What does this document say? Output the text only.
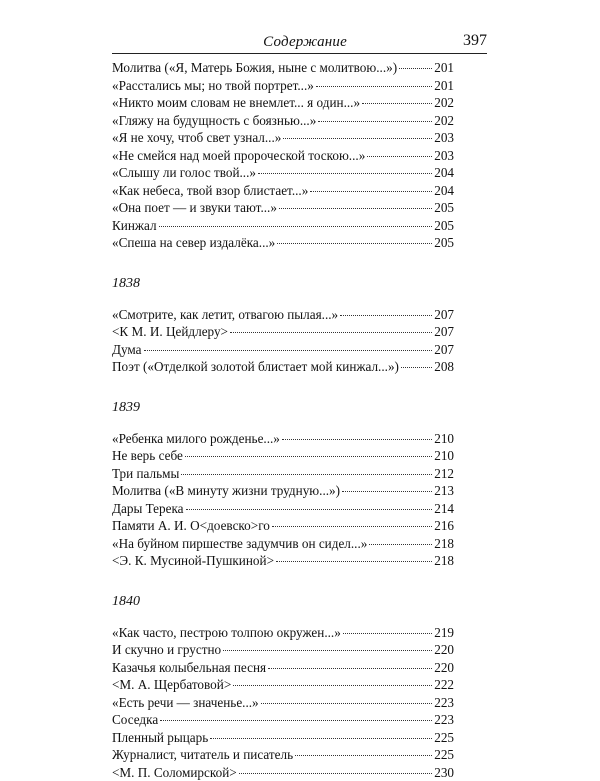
Содержание	397
Молитва («Я, Матерь Божия, ныне с молитвою...»)	201
«Расстались мы; но твой портрет...»	201
«Никто моим словам не внемлет... я один...»	202
«Гляжу на будущность с боязнью...»	202
«Я не хочу, чтоб свет узнал...»	203
«Не смейся над моей пророческой тоскою...»	203
«Слышу ли голос твой...»	204
«Как небеса, твой взор блистает...»	204
«Она поет — и звуки тают...»	205
Кинжал	205
«Спеша на север издалёка...»	205
1838
«Смотрите, как летит, отвагою пылая...»	207
<К М. И. Цейдлеру>	207
Дума	207
Поэт («Отделкой золотой блистает мой кинжал...»)	208
1839
«Ребенка милого рожденье...»	210
Не верь себе	210
Три пальмы	212
Молитва («В минуту жизни трудную...»)	213
Дары Терека	214
Памяти А. И. О<доевско>го	216
«На буйном пиршестве задумчив он сидел...»	218
<Э. К. Мусиной-Пушкиной>	218
1840
«Как часто, пестрою толпою окружен...»	219
И скучно и грустно	220
Казачья колыбельная песня	220
<М. А. Щербатовой>	222
«Есть речи — значенье...»	223
Соседка	223
Пленный рыцарь	225
Журналист, читатель и писатель	225
<М. П. Соломирской>	230
